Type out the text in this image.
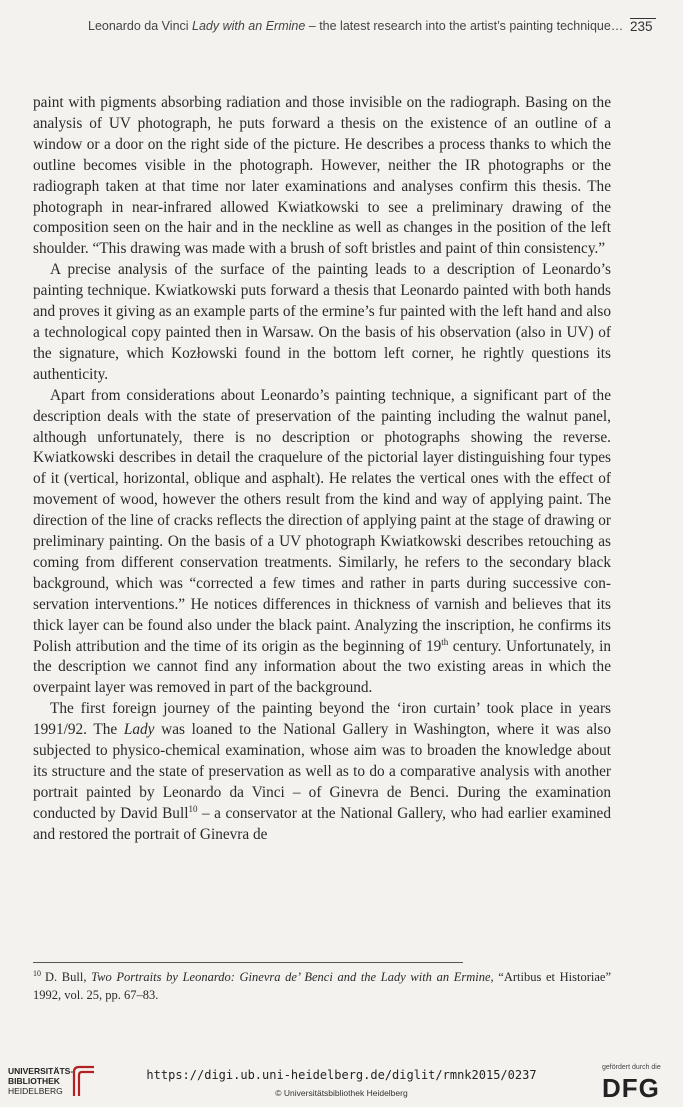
Leonardo da Vinci Lady with an Ermine – the latest research into the artist’s painting technique… 235

paint with pigments absorbing radiation and those invisible on the radiograph. Basing on the analysis of UV photograph, he puts forward a thesis on the existence of an outline of a window or a door on the right side of the picture. He describes a process thanks to which the outline becomes visible in the photograph. However, neither the IR photographs or the radiograph taken at that time nor later examinations and analyses confirm this thesis. The photograph in near-infrared allowed Kwiatkowski to see a preliminary drawing of the composition seen on the hair and in the neckline as well as changes in the position of the left shoulder. “This drawing was made with a brush of soft bristles and paint of thin consistency.”

A precise analysis of the surface of the painting leads to a description of Leonardo’s painting technique. Kwiatkowski puts forward a thesis that Leonardo painted with both hands and proves it giving as an example parts of the ermine’s fur painted with the left hand and also a technological copy painted then in Warsaw. On the basis of his observation (also in UV) of the signature, which Kozłowski found in the bottom left corner, he rightly questions its authenticity.

Apart from considerations about Leonardo’s painting technique, a significant part of the description deals with the state of preservation of the painting including the walnut panel, although unfortunately, there is no description or photographs showing the reverse. Kwiatkowski describes in detail the craquelure of the pictorial layer distinguishing four types of it (vertical, horizontal, oblique and asphalt). He relates the vertical ones with the effect of movement of wood, however the others result from the kind and way of applying paint. The direction of the line of cracks reflects the direction of applying paint at the stage of drawing or preliminary painting. On the basis of a UV photograph Kwiatkowski describes retouching as coming from different conservation treatments. Similarly, he refers to the secondary black background, which was “corrected a few times and rather in parts during successive conservation interventions.” He notices differences in thickness of varnish and believes that its thick layer can be found also under the black paint. Analyzing the inscription, he confirms its Polish attribution and the time of its origin as the beginning of 19th century. Unfortunately, in the description we cannot find any information about the two existing areas in which the overpaint layer was removed in part of the background.

The first foreign journey of the painting beyond the ‘iron curtain’ took place in years 1991/92. The Lady was loaned to the National Gallery in Washington, where it was also subjected to physico-chemical examination, whose aim was to broaden the knowledge about its structure and the state of preservation as well as to do a comparative analysis with another portrait painted by Leonardo da Vinci – of Ginevra de Benci. During the examination conducted by David Bull$^{10}$ – a conservator at the National Gallery, who had earlier examined and restored the portrait of Ginevra de

$^{10}$ D. Bull, Two Portraits by Leonardo: Ginevra de’ Benci and the Lady with an Ermine, “Artibus et Historiae” 1992, vol. 25, pp. 67–83.
UNIVERSITÄTS-
BIBLIOTHEK
HEIDELBERG
https://digi.ub.uni-heidelberg.de/diglit/rmnk2015/0237
© Universitätsbibliothek Heidelberg
gefördert durch die
DFG
